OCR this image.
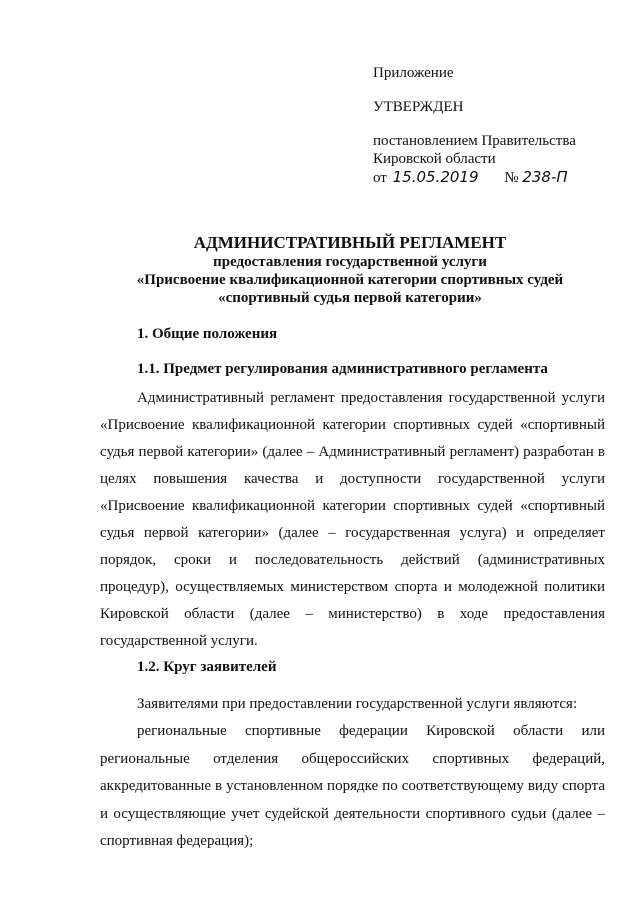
Приложение
УТВЕРЖДЕН
постановлением Правительства
Кировской области
от 15.05.2019 № 238-П
АДМИНИСТРАТИВНЫЙ РЕГЛАМЕНТ
предоставления государственной услуги
«Присвоение квалификационной категории спортивных судей
«спортивный судья первой категории»
1. Общие положения
1.1. Предмет регулирования административного регламента
Административный регламент предоставления государственной услуги «Присвоение квалификационной категории спортивных судей «спортивный судья первой категории» (далее – Административный регламент) разработан в целях повышения качества и доступности государственной услуги «Присвоение квалификационной категории спортивных судей «спортивный судья первой категории» (далее – государственная услуга) и определяет порядок, сроки и последовательность действий (административных процедур), осуществляемых министерством спорта и молодежной политики Кировской области (далее – министерство) в ходе предоставления государственной услуги.
1.2. Круг заявителей
Заявителями при предоставлении государственной услуги являются:
региональные спортивные федерации Кировской области или региональные отделения общероссийских спортивных федераций, аккредитованные в установленном порядке по соответствующему виду спорта и осуществляющие учет судейской деятельности спортивного судьи (далее – спортивная федерация);
